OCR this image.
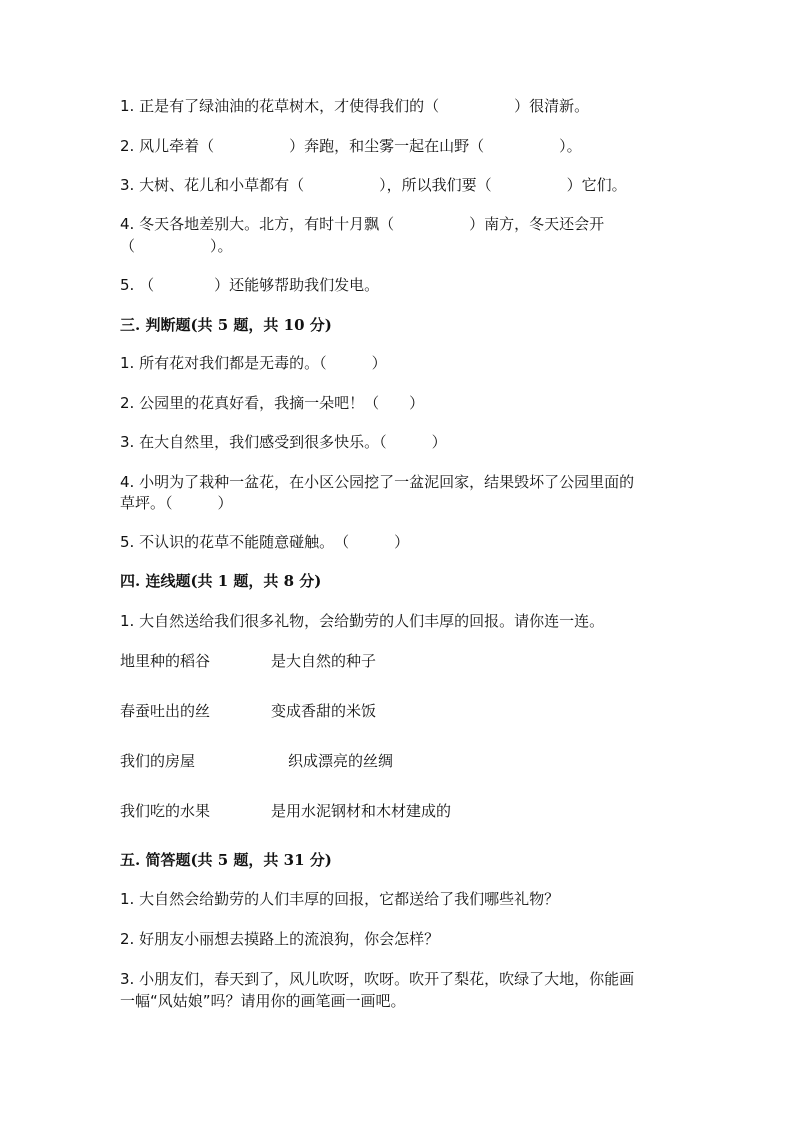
1. 正是有了绿油油的花草树木，才使得我们的（　　　　　）很清新。
2. 风儿牵着（　　　　　）奔跑，和尘雾一起在山野（　　　　　）。
3. 大树、花儿和小草都有（　　　　　），所以我们要（　　　　　）它们。
4. 冬天各地差别大。北方，有时十月飘（　　　　　）南方，冬天还会开
（　　　　　）。
5. （　　　　）还能够帮助我们发电。
三. 判断题(共 5 题，共 10 分)
1. 所有花对我们都是无毒的。（　　　）
2. 公园里的花真好看，我摘一朵吧！（　　）
3. 在大自然里，我们感受到很多快乐。（　　　）
4. 小明为了栽种一盆花，在小区公园挖了一盆泥回家，结果毁坏了公园里面的
草坪。（　　　）
5. 不认识的花草不能随意碰触。　（　　　）
四. 连线题(共 1 题，共 8 分)
1. 大自然送给我们很多礼物，会给勤劳的人们丰厚的回报。请你连一连。
地里种的稻谷	是大自然的种子
春蚕吐出的丝	变成香甜的米饭
我们的房屋	织成漂亮的丝绸
我们吃的水果	是用水泥钢材和木材建成的
五. 简答题(共 5 题，共 31 分)
1. 大自然会给勤劳的人们丰厚的回报，它都送给了我们哪些礼物？
2. 好朋友小丽想去摸路上的流浪狗，你会怎样？
3. 小朋友们，春天到了，风儿吹呀，吹呀。吹开了梨花，吹绿了大地，你能画
一幅“风姑娘”吗？请用你的画笔画一画吧。
